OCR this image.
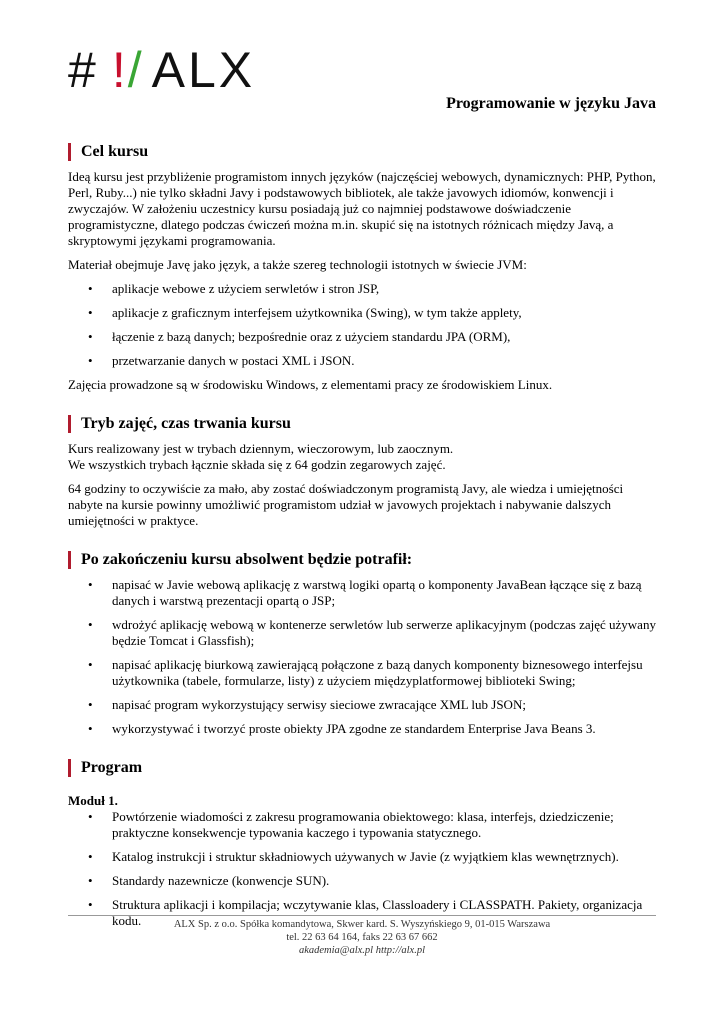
# !/ ALX
Programowanie w języku Java
Cel kursu

Ideą kursu jest przybliżenie programistom innych języków (najczęściej webowych, dynamicznych: PHP, Python, Perl, Ruby...) nie tylko składni Javy i podstawowych bibliotek, ale także javowych idiomów, konwencji i zwyczajów. W założeniu uczestnicy kursu posiadają już co najmniej podstawowe doświadczenie programistyczne, dlatego podczas ćwiczeń można m.in. skupić się na istotnych różnicach między Javą, a skryptowymi językami programowania.

Materiał obejmuje Javę jako język, a także szereg technologii istotnych w świecie JVM:

• aplikacje webowe z użyciem serwletów i stron JSP,
• aplikacje z graficznym interfejsem użytkownika (Swing), w tym także applety,
• łączenie z bazą danych; bezpośrednie oraz z użyciem standardu JPA (ORM),
• przetwarzanie danych w postaci XML i JSON.

Zajęcia prowadzone są w środowisku Windows, z elementami pracy ze środowiskiem Linux.

Tryb zajęć, czas trwania kursu

Kurs realizowany jest w trybach dziennym, wieczorowym, lub zaocznym.
We wszystkich trybach łącznie składa się z 64 godzin zegarowych zajęć.

64 godziny to oczywiście za mało, aby zostać doświadczonym programistą Javy, ale wiedza i umiejętności nabyte na kursie powinny umożliwić programistom udział w javowych projektach i nabywanie dalszych umiejętności w praktyce.

Po zakończeniu kursu absolwent będzie potrafił:
• napisać w Javie webową aplikację z warstwą logiki opartą o komponenty JavaBean łączące się z bazą danych i warstwą prezentacji opartą o JSP;
• wdrożyć aplikację webową w kontenerze serwletów lub serwerze aplikacyjnym (podczas zajęć używany będzie Tomcat i Glassfish);
• napisać aplikację biurkową zawierającą połączone z bazą danych komponenty biznesowego interfejsu użytkownika (tabele, formularze, listy) z użyciem międzyplatformowej biblioteki Swing;
• napisać program wykorzystujący serwisy sieciowe zwracające XML lub JSON;
• wykorzystywać i tworzyć proste obiekty JPA zgodne ze standardem Enterprise Java Beans 3.
Program
Moduł 1.
• Powtórzenie wiadomości z zakresu programowania obiektowego: klasa, interfejs, dziedziczenie; praktyczne konsekwencje typowania kaczego i typowania statycznego.
• Katalog instrukcji i struktur składniowych używanych w Javie (z wyjątkiem klas wewnętrznych).
• Standardy nazewnicze (konwencje SUN).
• Struktura aplikacji i kompilacja; wczytywanie klas, Classloadery i CLASSPATH. Pakiety, organizacja kodu.	ALX Sp. z o.o. Spółka komandytowa, Skwer kard. S. Wyszyńskiego 9, 01-015 Warszawa
tel. 22 63 64 164, faks 22 63 67 662
akademia@alx.pl http://alx.pl
